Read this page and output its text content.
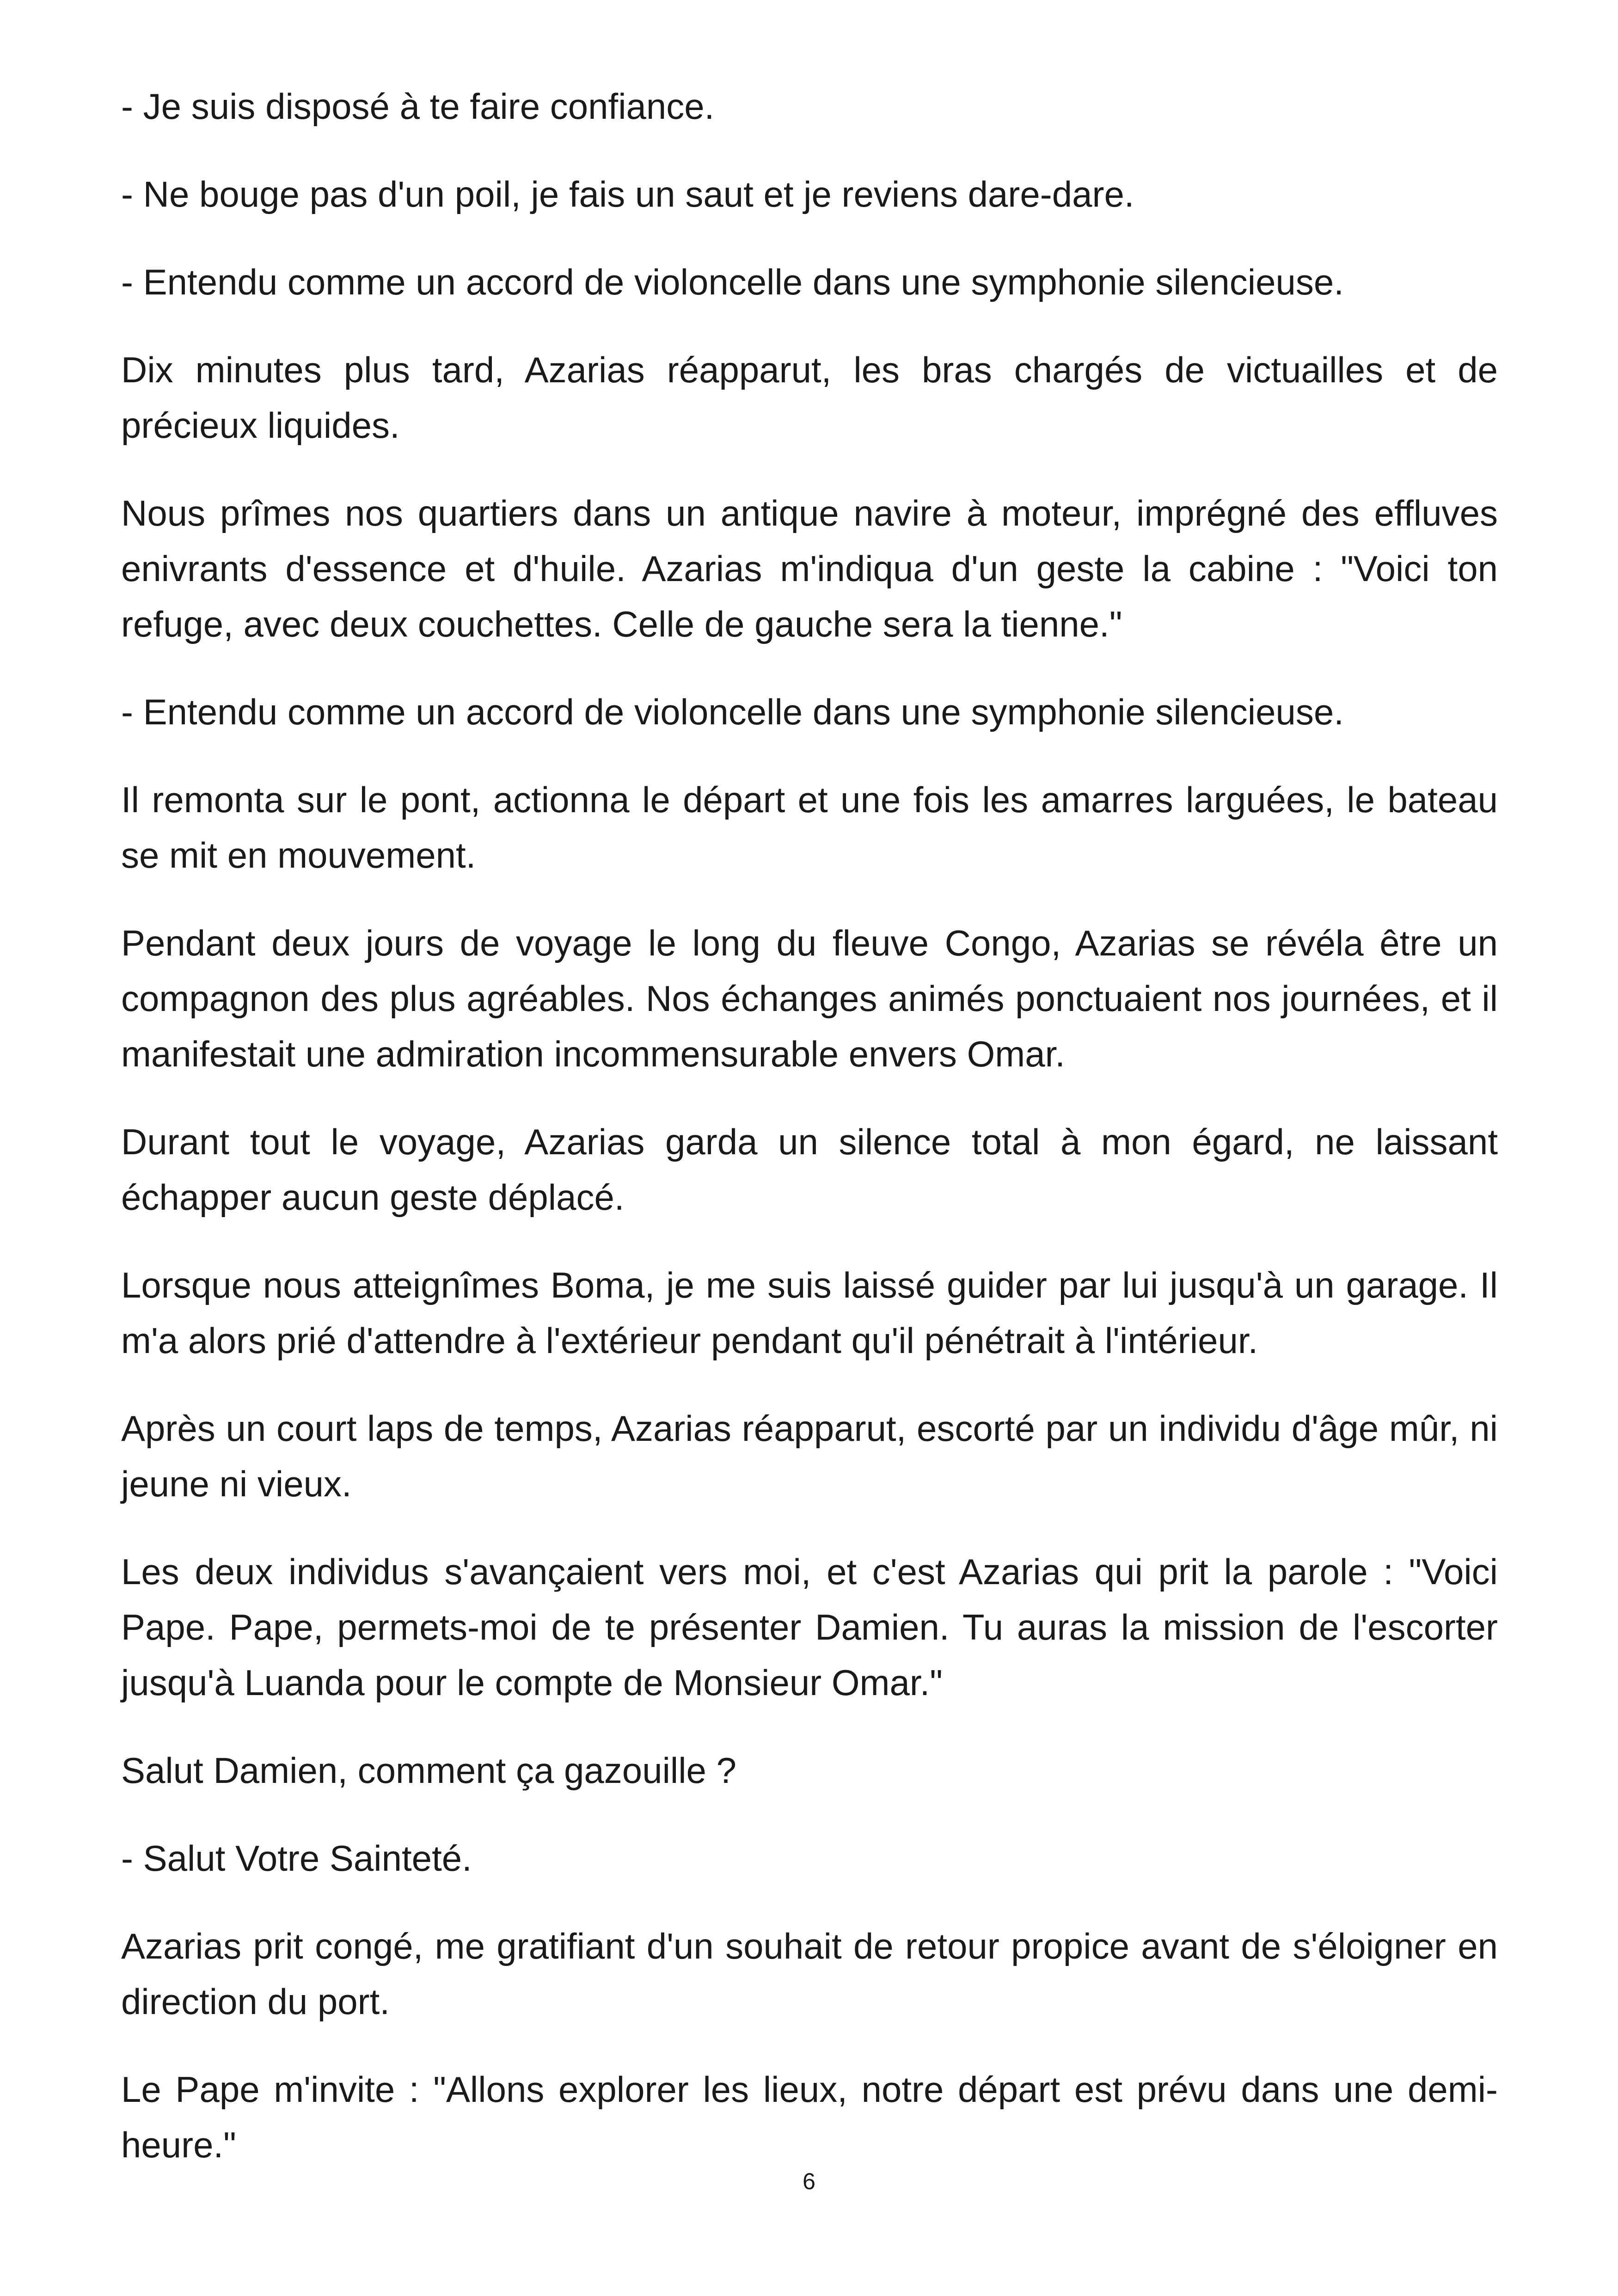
- Je suis disposé à te faire confiance.

- Ne bouge pas d'un poil, je fais un saut et je reviens dare-dare.

- Entendu comme un accord de violoncelle dans une symphonie silencieuse.

Dix minutes plus tard, Azarias réapparut, les bras chargés de victuailles et de précieux liquides.

Nous prîmes nos quartiers dans un antique navire à moteur, imprégné des effluves enivrants d'essence et d'huile. Azarias m'indiqua d'un geste la cabine : "Voici ton refuge, avec deux couchettes. Celle de gauche sera la tienne."

- Entendu comme un accord de violoncelle dans une symphonie silencieuse.

Il remonta sur le pont, actionna le départ et une fois les amarres larguées, le bateau se mit en mouvement.

Pendant deux jours de voyage le long du fleuve Congo, Azarias se révéla être un compagnon des plus agréables. Nos échanges animés ponctuaient nos journées, et il manifestait une admiration incommensurable envers Omar.

Durant tout le voyage, Azarias garda un silence total à mon égard, ne laissant échapper aucun geste déplacé.

Lorsque nous atteignîmes Boma, je me suis laissé guider par lui jusqu'à un garage. Il m'a alors prié d'attendre à l'extérieur pendant qu'il pénétrait à l'intérieur.

Après un court laps de temps, Azarias réapparut, escorté par un individu d'âge mûr, ni jeune ni vieux.

Les deux individus s'avançaient vers moi, et c'est Azarias qui prit la parole : "Voici Pape. Pape, permets-moi de te présenter Damien. Tu auras la mission de l'escorter jusqu'à Luanda pour le compte de Monsieur Omar."

Salut Damien, comment ça gazouille ?

- Salut Votre Sainteté.

Azarias prit congé, me gratifiant d'un souhait de retour propice avant de s'éloigner en direction du port.

Le Pape m'invite : "Allons explorer les lieux, notre départ est prévu dans une demi-heure."

6
